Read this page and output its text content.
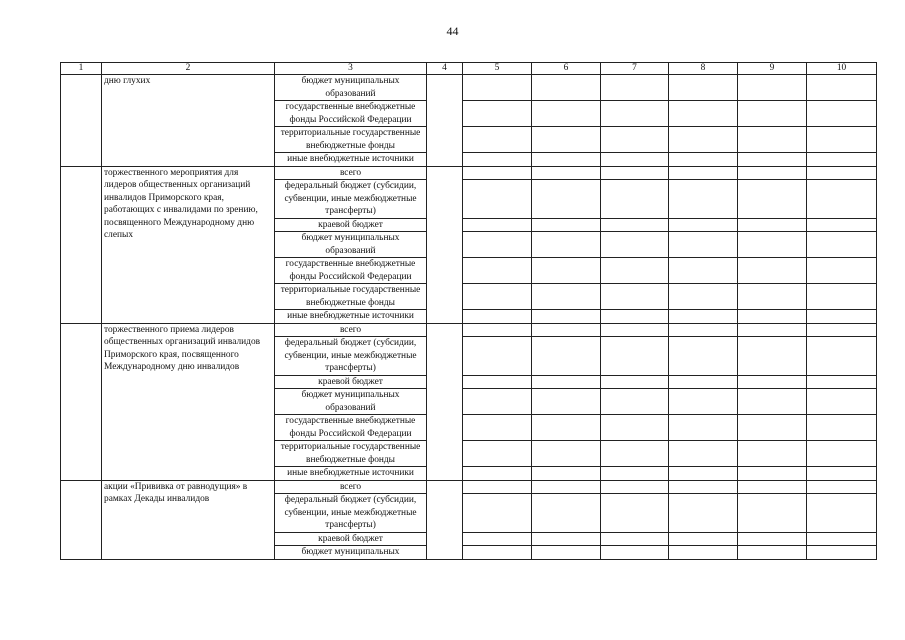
44
1	2	3	4	5	6	7	8	9	10
	дню глухих	бюджет муниципальных образований							
		государственные внебюджетные фонды Российской Федерации							
		территориальные государственные внебюджетные фонды							
		иные внебюджетные источники							
	торжественного мероприятия для лидеров общественных организаций инвалидов Приморского края, работающих с инвалидами по зрению, посвященного Международному дню слепых	всего							
		федеральный бюджет (субсидии, субвенции, иные межбюджетные трансферты)							
		краевой бюджет							
		бюджет муниципальных образований							
		государственные внебюджетные фонды Российской Федерации							
		территориальные государственные внебюджетные фонды							
		иные внебюджетные источники							
	торжественного приема лидеров общественных организаций инвалидов Приморского края, посвященного Международному дню инвалидов	всего							
		федеральный бюджет (субсидии, субвенции, иные межбюджетные трансферты)							
		краевой бюджет							
		бюджет муниципальных образований							
		государственные внебюджетные фонды Российской Федерации							
		территориальные государственные внебюджетные фонды							
		иные внебюджетные источники							
	акции «Прививка от равнодущия» в рамках Декады инвалидов	всего							
		федеральный бюджет (субсидии, субвенции, иные межбюджетные трансферты)							
		краевой бюджет							
		бюджет муниципальных							
